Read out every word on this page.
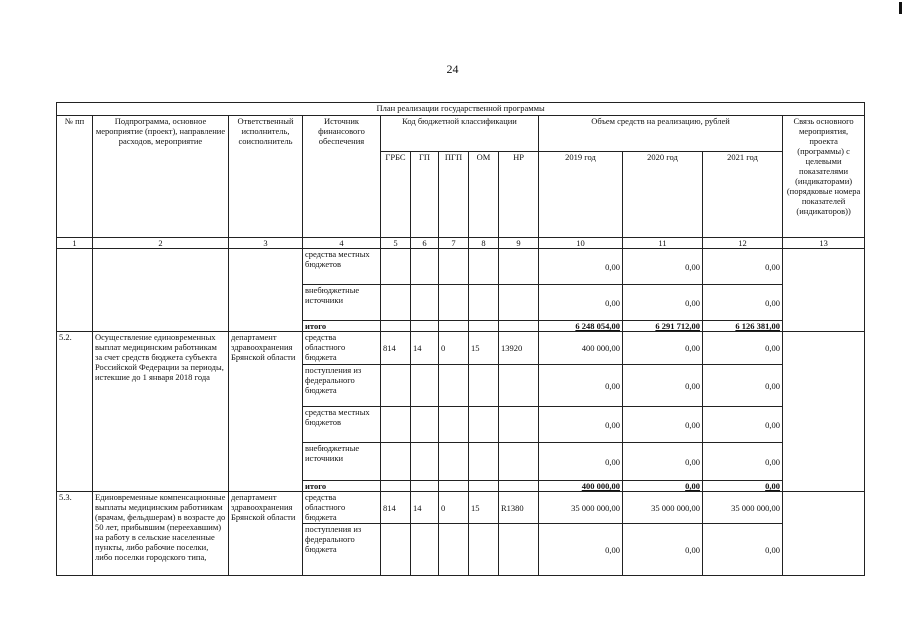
24
План реализации государственной программы												
№ пп	Подпрограмма, основное мероприятие (проект), направление расходов, мероприятие	Ответственный исполнитель, соисполнитель	Источник финансового обеспечения	Код бюджетной классификации					Объем средств на реализацию, рублей			Связь основного мероприятия, проекта (программы) с целевыми показателями (индикаторами) (порядковые номера показателей (индикаторов))
				ГРБС	ГП	ПГП	ОМ	НР	2019 год	2020 год	2021 год	
1	2	3	4	5	6	7	8	9	10	11	12	13
			средства местных бюджетов						0,00	0,00	0,00	
			внебюджетные источники						0,00	0,00	0,00	
			итого						6 248 054,00	6 291 712,00	6 126 381,00	
5.2.	Осуществление единовременных выплат медицинским работникам за счет средств бюджета субъекта Российской Федерации за периоды, истекшие до 1 января 2018 года	департамент здравоохранения Брянской области	средства областного бюджета	814	14	0	15	13920	400 000,00	0,00	0,00	
			поступления из федерального бюджета						0,00	0,00	0,00	
			средства местных бюджетов						0,00	0,00	0,00	
			внебюджетные источники						0,00	0,00	0,00	
			итого						400 000,00	0,00	0,00	
5.3.	Единовременные компенсационные выплаты медицинским работникам (врачам, фельдшерам) в возрасте до 50 лет, прибывшим (переехавшим) на работу в сельские населенные пункты, либо рабочие поселки, либо поселки городского типа,	департамент здравоохранения Брянской области	средства областного бюджета	814	14	0	15	R1380	35 000 000,00	35 000 000,00	35 000 000,00	
			поступления из федерального бюджета						0,00	0,00	0,00	
